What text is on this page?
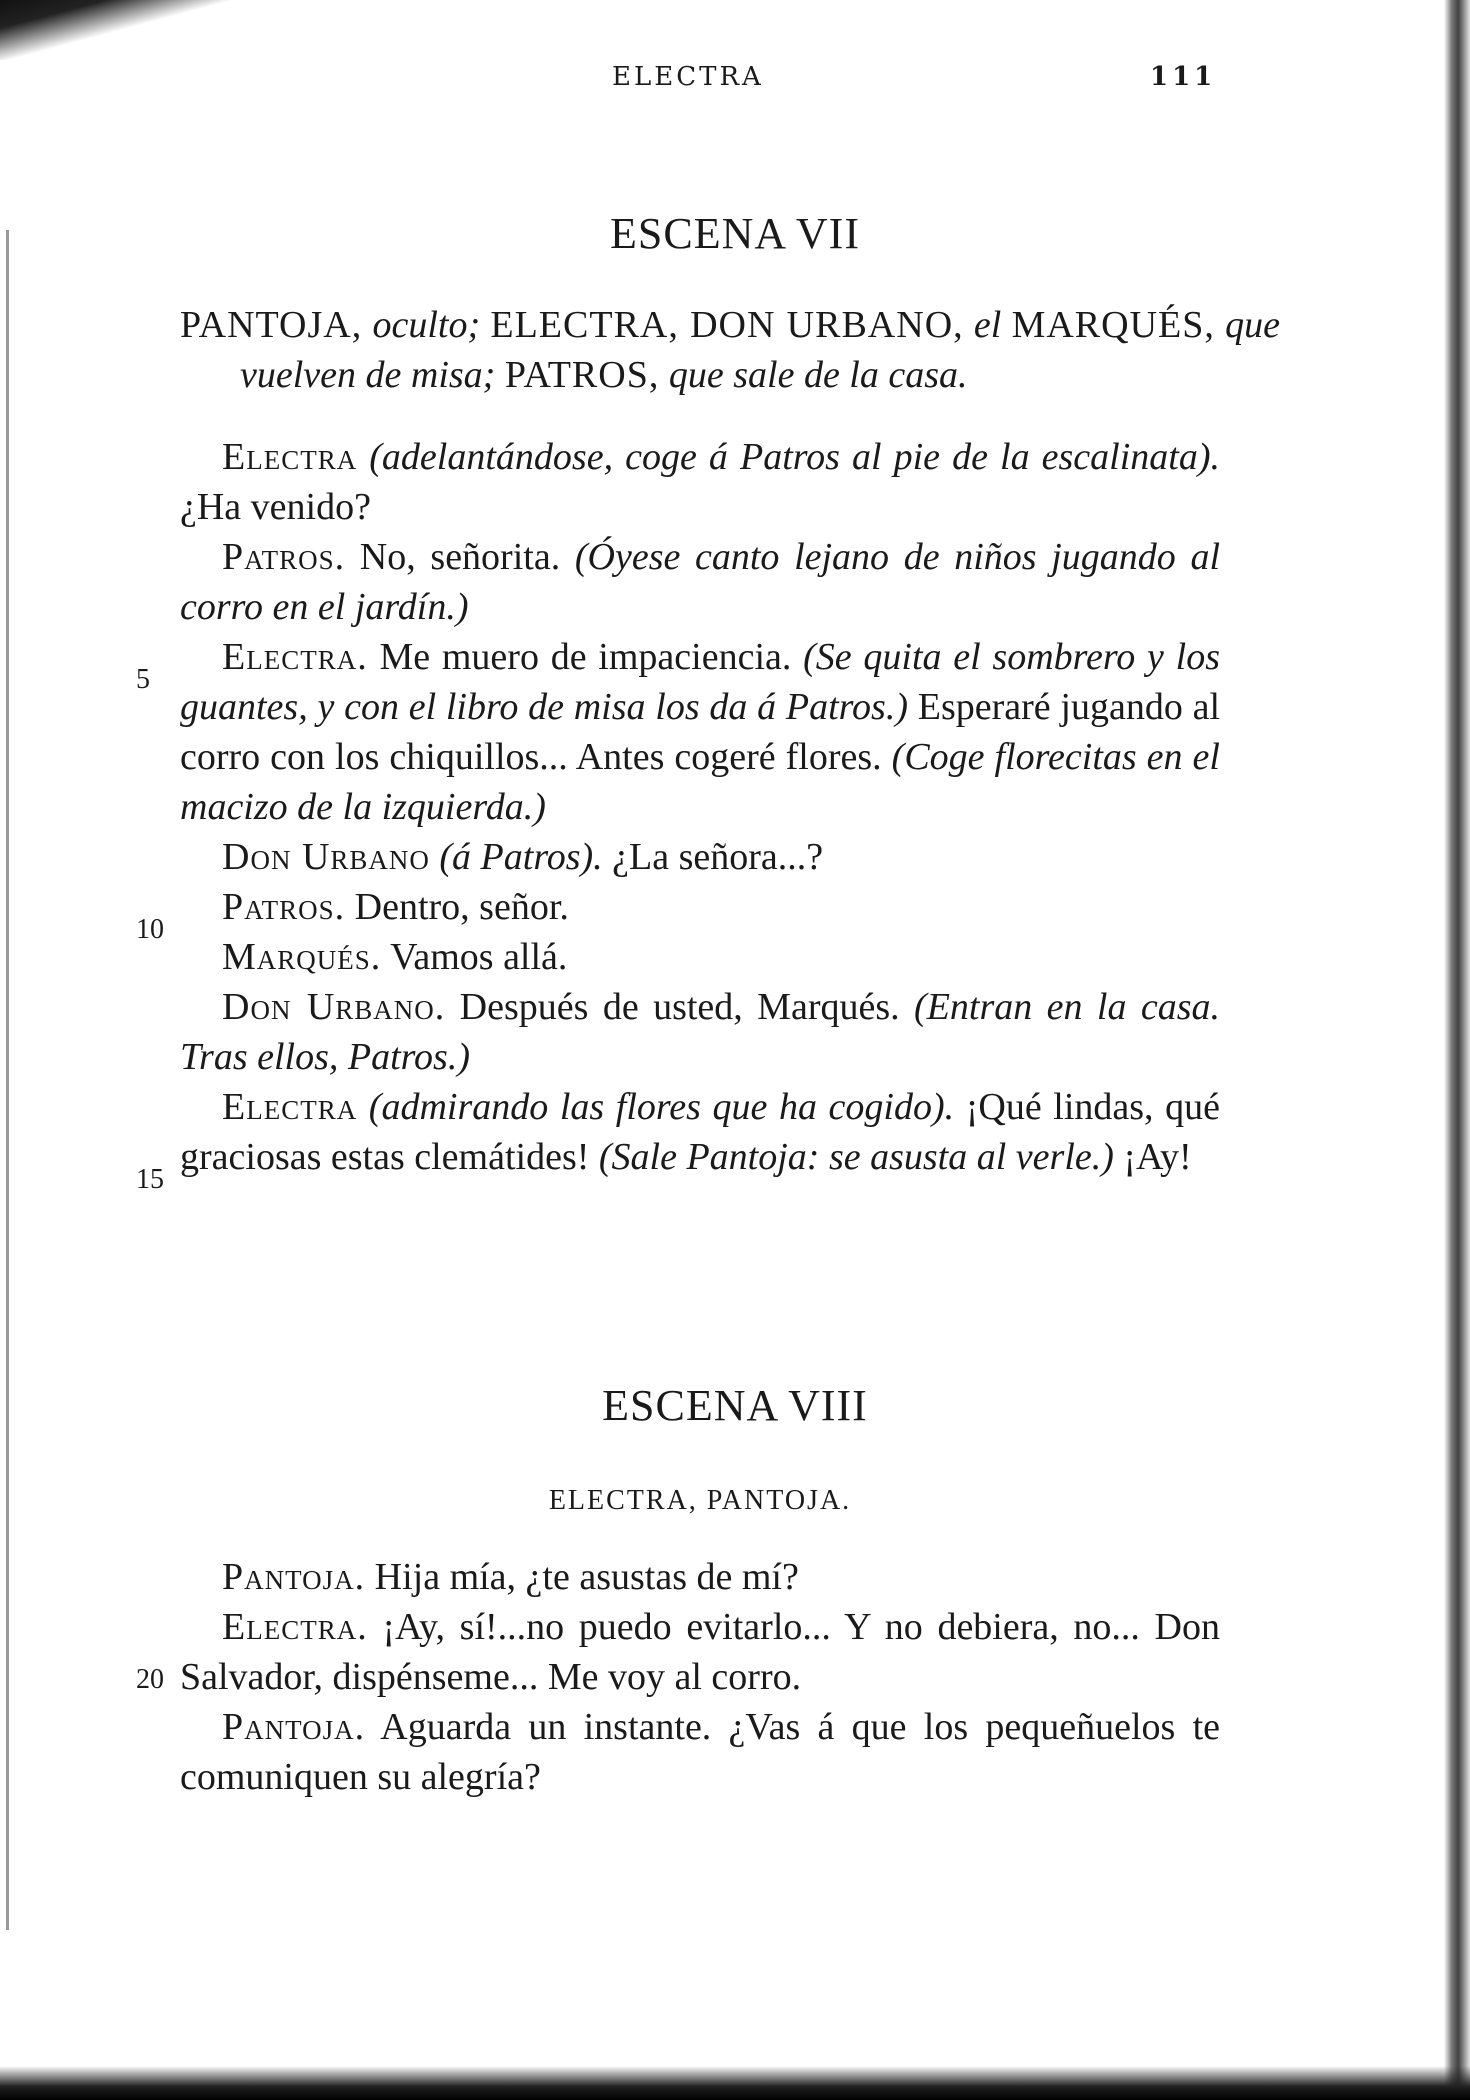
ELECTRA	111
ESCENA VII
PANTOJA, oculto; ELECTRA, DON URBANO, el MARQUÉS, que vuelven de misa; PATROS, que sale de la casa.

Electra (adelantándose, coge á Patros al pie de la escalinata). ¿Ha venido?

Patros. No, señorita. (Óyese canto lejano de niños jugando al corro en el jardín.)

Electra. Me muero de impaciencia. (Se quita el sombrero y los guantes, y con el libro de misa los da á Patros.) Esperaré jugando al corro con los chiquillos... Antes cogeré flores. (Coge florecitas en el macizo de la izquierda.)

Don Urbano (á Patros). ¿La señora...?

Patros. Dentro, señor.

Marqués. Vamos allá.

Don Urbano. Después de usted, Marqués. (Entran en la casa. Tras ellos, Patros.)

Electra (admirando las flores que ha cogido). ¡Qué lindas, qué graciosas estas clemátides! (Sale Pantoja: se asusta al verle.) ¡Ay!

5
10
15
ESCENA VIII
ELECTRA, PANTOJA.

Pantoja. Hija mía, ¿te asustas de mí?

Electra. ¡Ay, sí!...no puedo evitarlo... Y no debiera, no... Don Salvador, dispénseme... Me voy al corro.

Pantoja. Aguarda un instante. ¿Vas á que los pequeñuelos te comuniquen su alegría?

20
